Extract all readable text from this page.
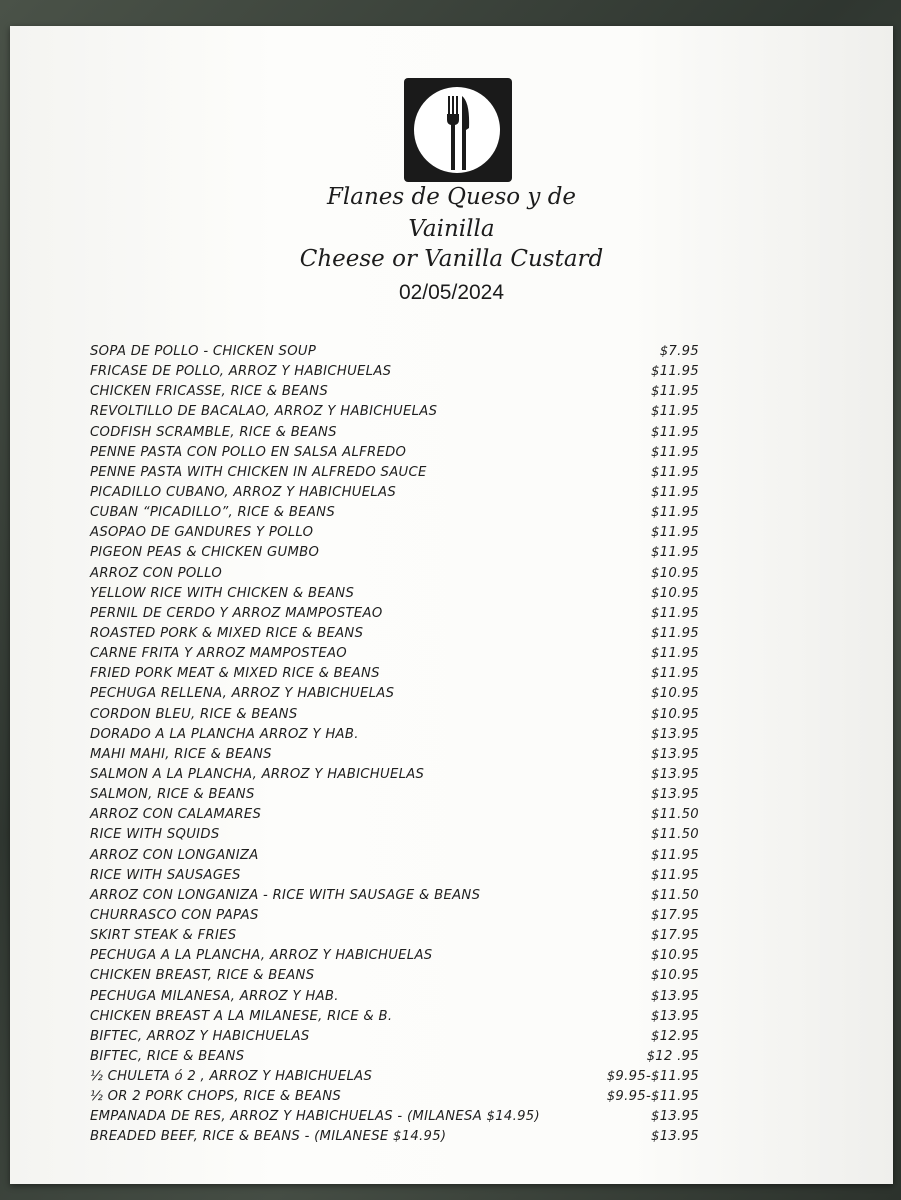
Flanes de Queso y de
Vainilla
Cheese or Vanilla Custard
02/05/2024
SOPA DE POLLO - CHICKEN SOUP	$7.95
FRICASE DE POLLO, ARROZ Y HABICHUELAS	$11.95
CHICKEN FRICASSE, RICE & BEANS	$11.95
REVOLTILLO DE BACALAO, ARROZ Y HABICHUELAS	$11.95
CODFISH SCRAMBLE, RICE & BEANS	$11.95
PENNE PASTA CON POLLO EN SALSA ALFREDO	$11.95
PENNE PASTA WITH CHICKEN IN ALFREDO SAUCE	$11.95
PICADILLO CUBANO, ARROZ Y HABICHUELAS	$11.95
CUBAN “PICADILLO”, RICE & BEANS	$11.95
ASOPAO DE GANDURES Y POLLO	$11.95
PIGEON PEAS & CHICKEN GUMBO	$11.95
ARROZ CON POLLO	$10.95
YELLOW RICE WITH CHICKEN & BEANS	$10.95
PERNIL DE CERDO Y ARROZ MAMPOSTEAO	$11.95
ROASTED PORK & MIXED RICE & BEANS	$11.95
CARNE FRITA Y ARROZ MAMPOSTEAO	$11.95
FRIED PORK MEAT & MIXED RICE & BEANS	$11.95
PECHUGA RELLENA, ARROZ Y HABICHUELAS	$10.95
CORDON BLEU, RICE & BEANS	$10.95
DORADO A LA PLANCHA ARROZ Y HAB.	$13.95
MAHI MAHI, RICE & BEANS	$13.95
SALMON A LA PLANCHA, ARROZ Y HABICHUELAS	$13.95
SALMON, RICE & BEANS	$13.95
ARROZ CON CALAMARES	$11.50
RICE WITH SQUIDS	$11.50
ARROZ CON LONGANIZA	$11.95
RICE WITH SAUSAGES	$11.95
ARROZ CON LONGANIZA - RICE WITH SAUSAGE & BEANS	$11.50
CHURRASCO CON PAPAS	$17.95
SKIRT STEAK & FRIES	$17.95
PECHUGA A LA PLANCHA, ARROZ Y HABICHUELAS	$10.95
CHICKEN BREAST, RICE & BEANS	$10.95
PECHUGA MILANESA, ARROZ Y HAB.	$13.95
CHICKEN BREAST A LA MILANESE, RICE & B.	$13.95
BIFTEC, ARROZ Y HABICHUELAS	$12.95
BIFTEC, RICE & BEANS	$12 .95
½ CHULETA ó 2 , ARROZ Y HABICHUELAS	$9.95-$11.95
½ OR 2 PORK CHOPS, RICE & BEANS	$9.95-$11.95
EMPANADA DE RES, ARROZ Y HABICHUELAS - (MILANESA $14.95)	$13.95
BREADED BEEF, RICE & BEANS - (MILANESE $14.95)	$13.95
